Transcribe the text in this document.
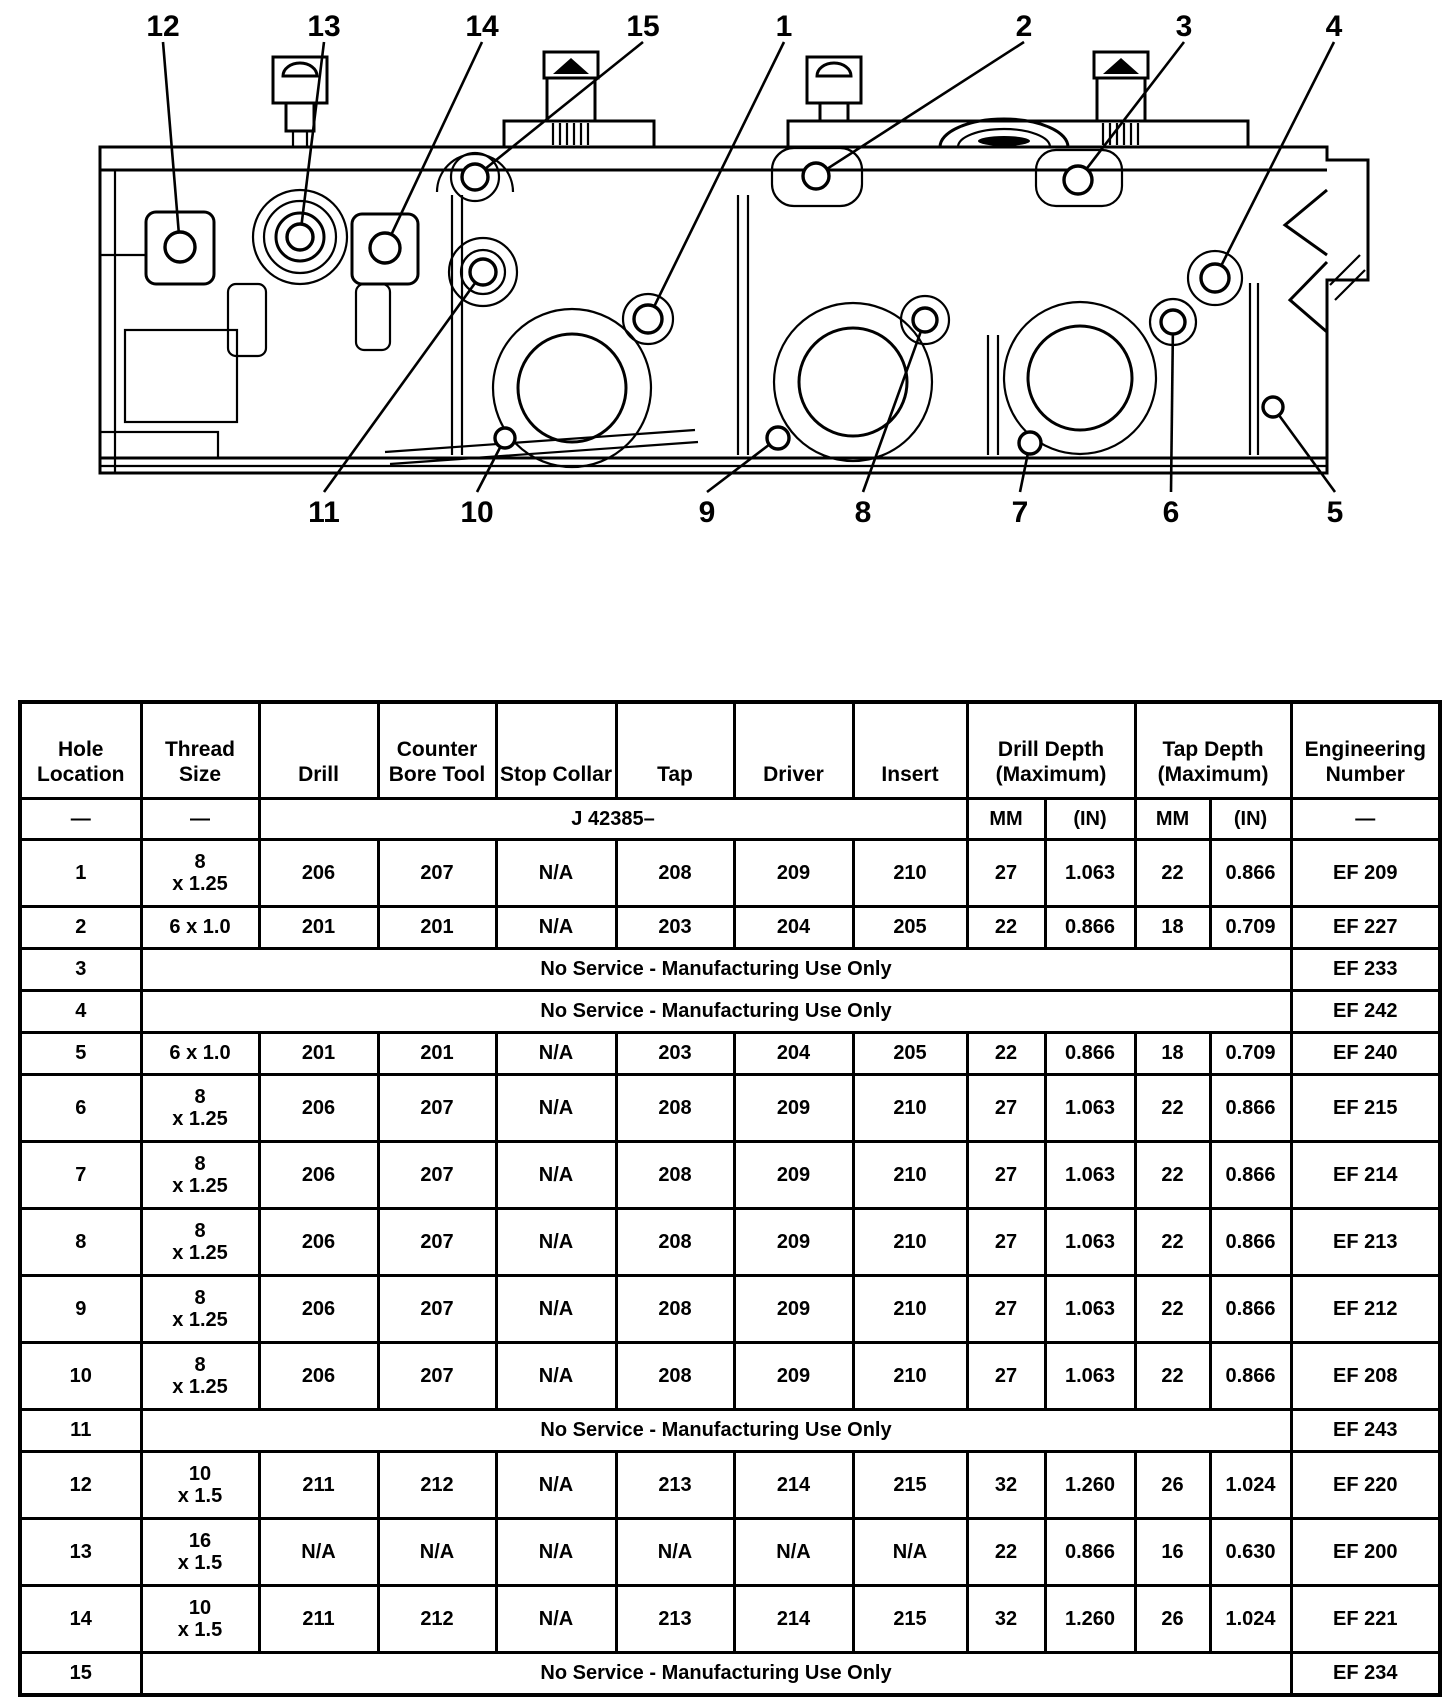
1	2	3	4
5
6
7
8
9
10
11
12	13	14	15
Hole Location	Thread Size	Drill	Counter Bore Tool	Stop Collar	Tap	Driver	Insert	Drill Depth (Maximum)		Tap Depth (Maximum)		Engineering Number
—	—	J 42385–						MM	(IN)	MM	(IN)	—
1	8
x 1.25	206	207	N/A	208	209	210	27	1.063	22	0.866	EF 209
2	6 x 1.0	201	201	N/A	203	204	205	22	0.866	18	0.709	EF 227
3	No Service - Manufacturing Use Only											EF 233
4	No Service - Manufacturing Use Only											EF 242
5	6 x 1.0	201	201	N/A	203	204	205	22	0.866	18	0.709	EF 240
6	8
x 1.25	206	207	N/A	208	209	210	27	1.063	22	0.866	EF 215
7	8
x 1.25	206	207	N/A	208	209	210	27	1.063	22	0.866	EF 214
8	8
x 1.25	206	207	N/A	208	209	210	27	1.063	22	0.866	EF 213
9	8
x 1.25	206	207	N/A	208	209	210	27	1.063	22	0.866	EF 212
10	8
x 1.25	206	207	N/A	208	209	210	27	1.063	22	0.866	EF 208
11	No Service - Manufacturing Use Only											EF 243
12	10
x 1.5	211	212	N/A	213	214	215	32	1.260	26	1.024	EF 220
13	16
x 1.5	N/A	N/A	N/A	N/A	N/A	N/A	22	0.866	16	0.630	EF 200
14	10
x 1.5	211	212	N/A	213	214	215	32	1.260	26	1.024	EF 221
15	No Service - Manufacturing Use Only											EF 234
